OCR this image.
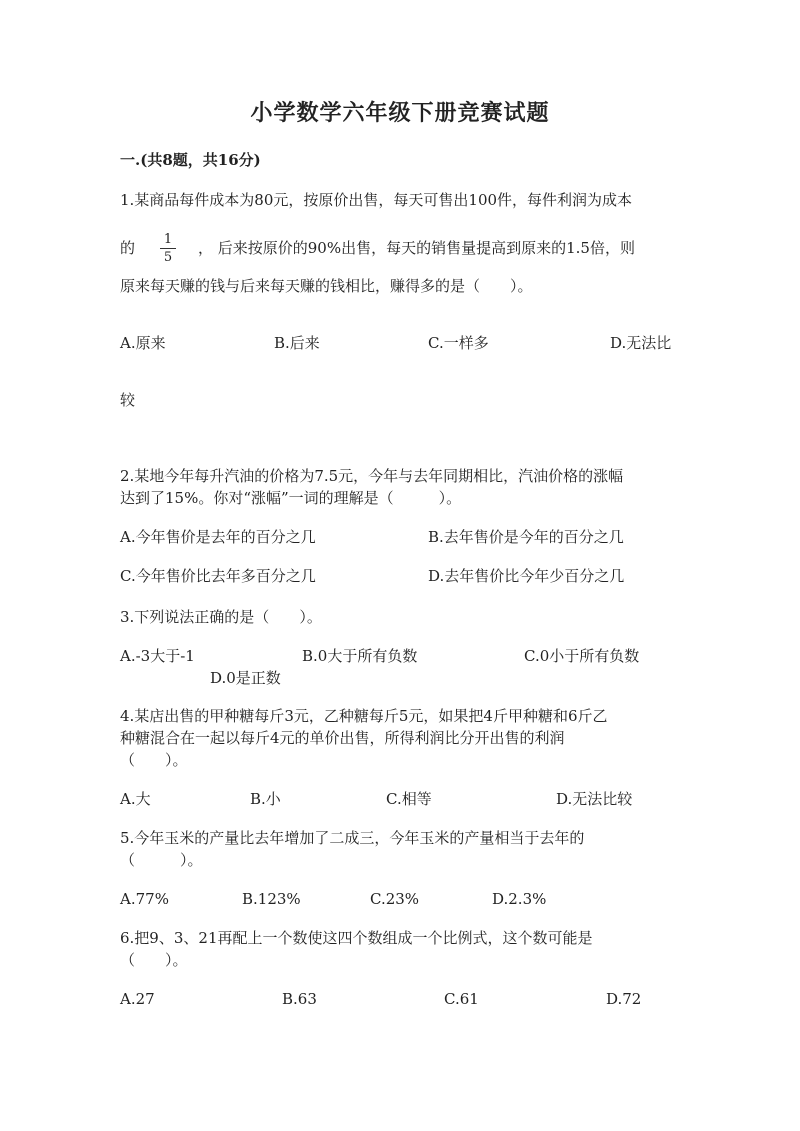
小学数学六年级下册竞赛试题
一.(共8题，共16分)
1.某商品每件成本为80元，按原价出售，每天可售出100件，每件利润为成本
的	1
5
， 后来按原价的90%出售，每天的销售量提高到原来的1.5倍，则
原来每天赚的钱与后来每天赚的钱相比，赚得多的是（　　）。
A.原来	B.后来	C.一样多	D.无法比
较
2.某地今年每升汽油的价格为7.5元，今年与去年同期相比，汽油价格的涨幅
达到了15%。你对“涨幅”一词的理解是（　　　）。
A.今年售价是去年的百分之几	B.去年售价是今年的百分之几
C.今年售价比去年多百分之几	D.去年售价比今年少百分之几
3.下列说法正确的是（　　）。
A.-3大于-1	B.0大于所有负数	C.0小于所有负数
D.0是正数
4.某店出售的甲种糖每斤3元，乙种糖每斤5元，如果把4斤甲种糖和6斤乙
种糖混合在一起以每斤4元的单价出售，所得利润比分开出售的利润
（　　）。
A.大	B.小	C.相等	D.无法比较
5.今年玉米的产量比去年增加了二成三，今年玉米的产量相当于去年的
（　　　）。
A.77%	B.123%	C.23%	D.2.3%
6.把9、3、21再配上一个数使这四个数组成一个比例式，这个数可能是
（　　）。
A.27	B.63	C.61	D.72
